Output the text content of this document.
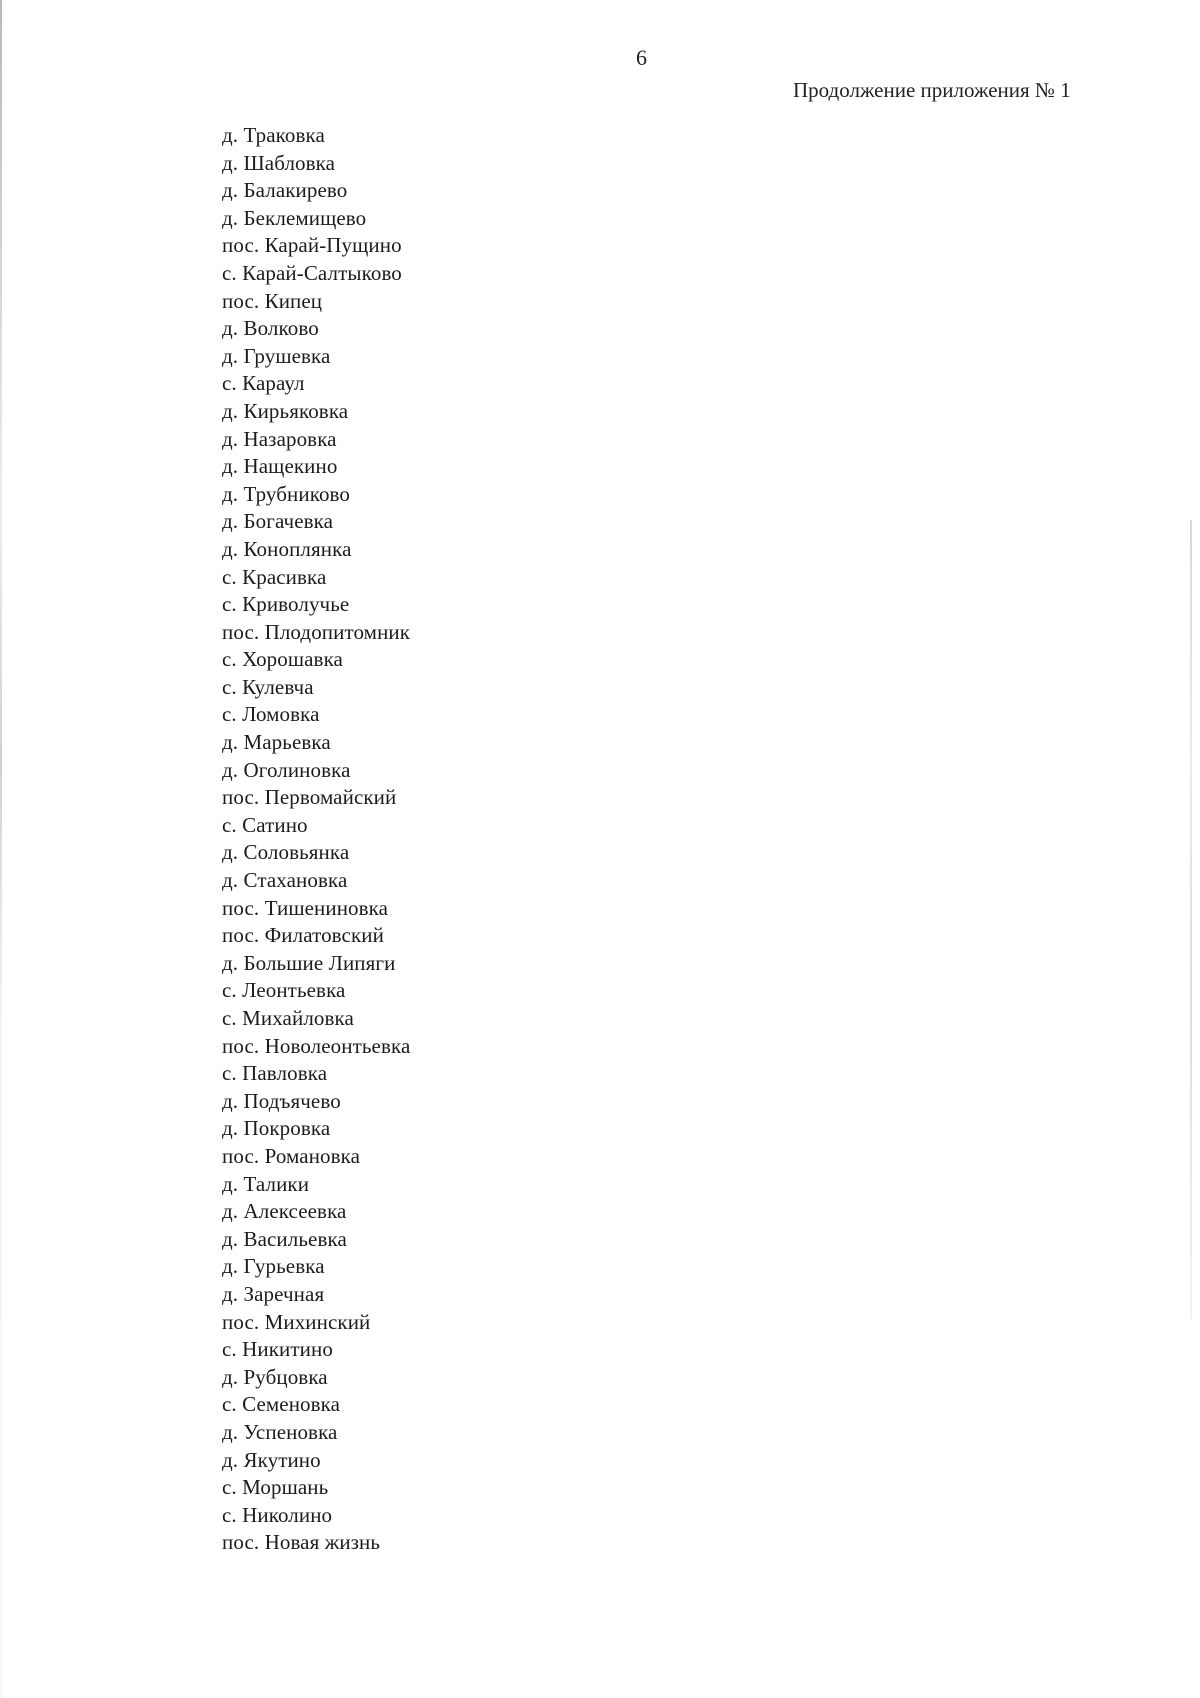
6
Продолжение приложения № 1
д. Траковка
д. Шабловка
д. Балакирево
д. Беклемищево
пос. Карай-Пущино
с. Карай-Салтыково
пос. Кипец
д. Волково
д. Грушевка
с. Караул
д. Кирьяковка
д. Назаровка
д. Нащекино
д. Трубниково
д. Богачевка
д. Коноплянка
с. Красивка
с. Криволучье
пос. Плодопитомник
с. Хорошавка
с. Кулевча
с. Ломовка
д. Марьевка
д. Оголиновка
пос. Первомайский
с. Сатино
д. Соловьянка
д. Стахановка
пос. Тишениновка
пос. Филатовский
д. Большие Липяги
с. Леонтьевка
с. Михайловка
пос. Новолеонтьевка
с. Павловка
д. Подъячево
д. Покровка
пос. Романовка
д. Талики
д. Алексеевка
д. Васильевка
д. Гурьевка
д. Заречная
пос. Михинский
с. Никитино
д. Рубцовка
с. Семеновка
д. Успеновка
д. Якутино
с. Моршань
с. Николино
пос. Новая жизнь
